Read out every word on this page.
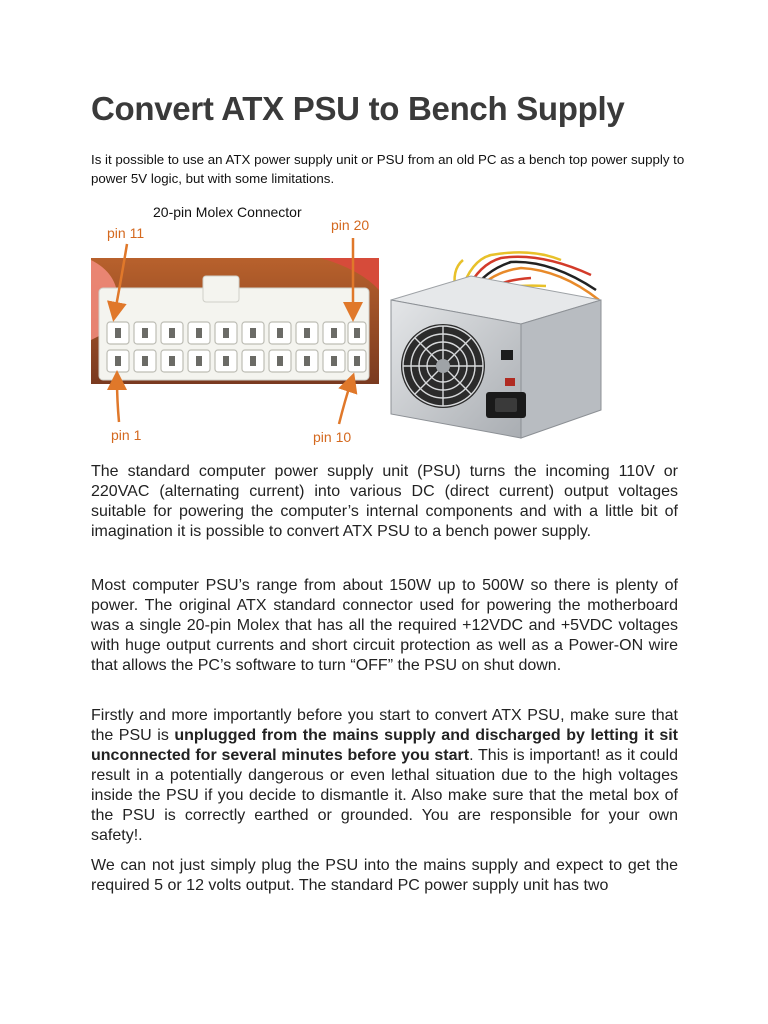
Convert ATX PSU to Bench Supply

Is it possible to use an ATX power supply unit or PSU from an old PC as a bench top power supply to power 5V logic, but with some limitations.

20-pin Molex Connector
pin 11	pin 20
pin 1	pin 10

The standard computer power supply unit (PSU) turns the incoming 110V or 220VAC (alternating current) into various DC (direct current) output voltages suitable for powering the computer’s internal components and with a little bit of imagination it is possible to convert ATX PSU to a bench power supply.

Most computer PSU’s range from about 150W up to 500W so there is plenty of power. The original ATX standard connector used for powering the motherboard was a single 20-pin Molex that has all the required +12VDC and +5VDC voltages with huge output currents and short circuit protection as well as a Power-ON wire that allows the PC’s software to turn “OFF” the PSU on shut down.

Firstly and more importantly before you start to convert ATX PSU, make sure that the PSU is unplugged from the mains supply and discharged by letting it sit unconnected for several minutes before you start. This is important! as it could result in a potentially dangerous or even lethal situation due to the high voltages inside the PSU if you decide to dismantle it. Also make sure that the metal box of the PSU is correctly earthed or grounded. You are responsible for your own safety!.

We can not just simply plug the PSU into the mains supply and expect to get the required 5 or 12 volts output. The standard PC power supply unit has two
